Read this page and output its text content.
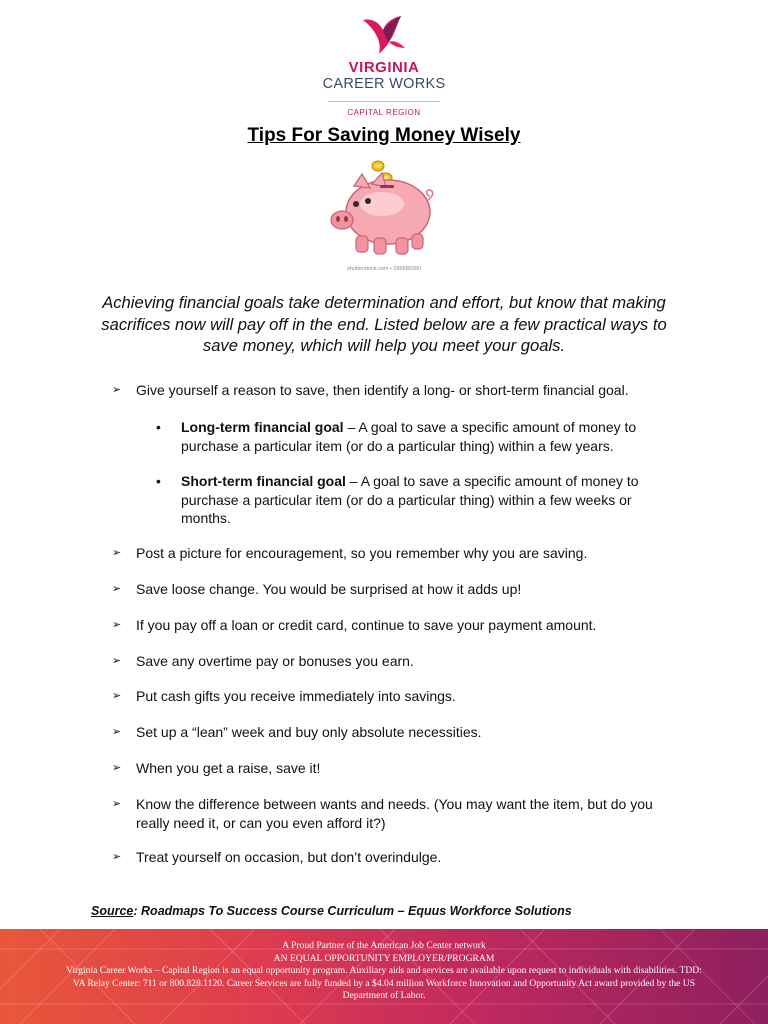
VIRGINIA
CAREER WORKS
CAPITAL REGION
Tips For Saving Money Wisely
shutterstock.com • 289589390
Achieving financial goals take determination and effort, but know that making sacrifices now will pay off in the end. Listed below are a few practical ways to save money, which will help you meet your goals.
➢ Give yourself a reason to save, then identify a long- or short-term financial goal.
• Long-term financial goal – A goal to save a specific amount of money to purchase a particular item (or do a particular thing) within a few years.
• Short-term financial goal – A goal to save a specific amount of money to purchase a particular item (or do a particular thing) within a few weeks or months.
➢ Post a picture for encouragement, so you remember why you are saving.
➢ Save loose change. You would be surprised at how it adds up!
➢ If you pay off a loan or credit card, continue to save your payment amount.
➢ Save any overtime pay or bonuses you earn.
➢ Put cash gifts you receive immediately into savings.
➢ Set up a “lean” week and buy only absolute necessities.
➢ When you get a raise, save it!
➢ Know the difference between wants and needs. (You may want the item, but do you really need it, or can you even afford it?)
➢ Treat yourself on occasion, but don’t overindulge.
Source: Roadmaps To Success Course Curriculum – Equus Workforce Solutions
A Proud Partner of the American Job Center network
AN EQUAL OPPORTUNITY EMPLOYER/PROGRAM
Virginia Career Works – Capital Region is an equal opportunity program. Auxiliary aids and services are available upon request to individuals with disabilities. TDD: VA Relay Center: 711 or 800.828.1120. Career Services are fully funded by a $4.04 million Workforce Innovation and Opportunity Act award provided by the US Department of Labor.
